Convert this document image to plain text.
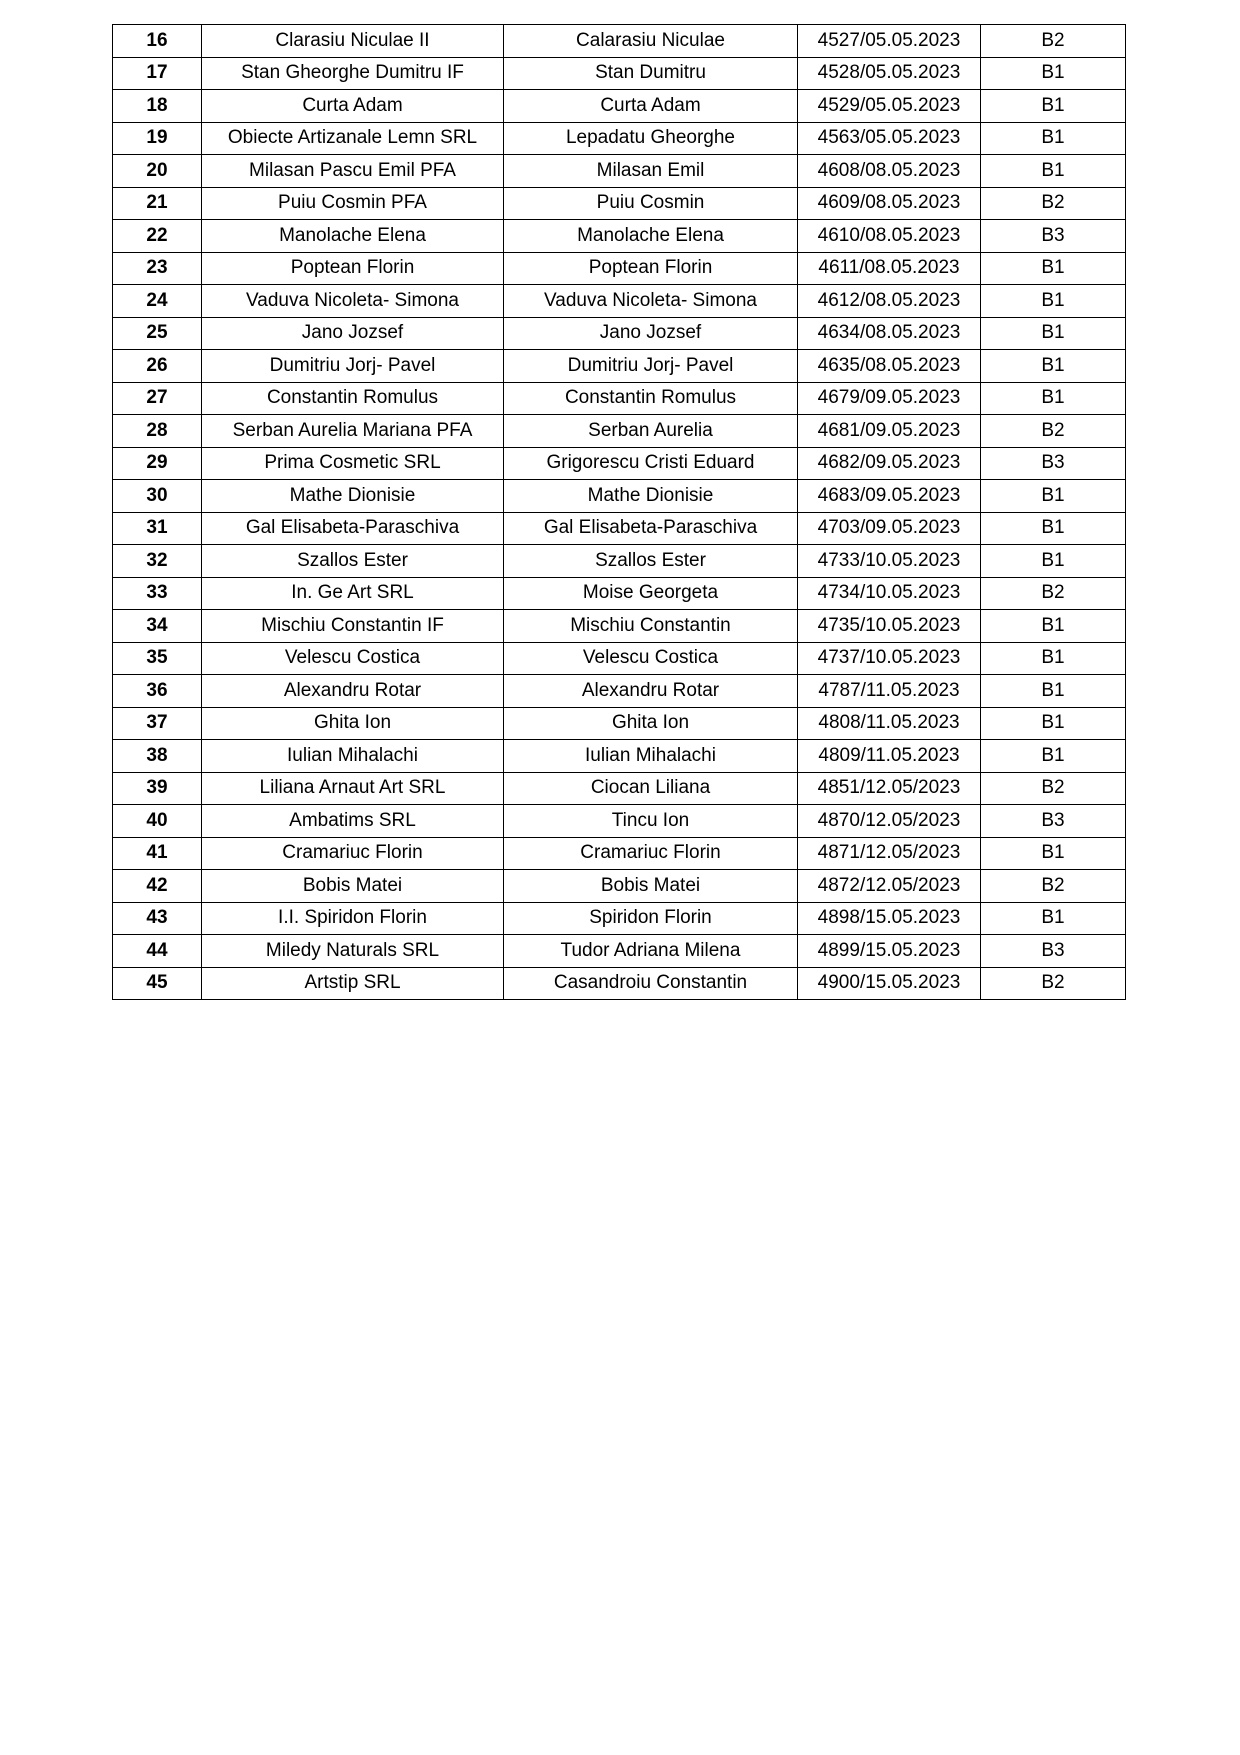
16	Clarasiu Niculae II	Calarasiu Niculae	4527/05.05.2023	B2
17	Stan Gheorghe Dumitru IF	Stan Dumitru	4528/05.05.2023	B1
18	Curta Adam	Curta Adam	4529/05.05.2023	B1
19	Obiecte Artizanale Lemn SRL	Lepadatu Gheorghe	4563/05.05.2023	B1
20	Milasan Pascu Emil PFA	Milasan Emil	4608/08.05.2023	B1
21	Puiu Cosmin PFA	Puiu Cosmin	4609/08.05.2023	B2
22	Manolache Elena	Manolache Elena	4610/08.05.2023	B3
23	Poptean Florin	Poptean Florin	4611/08.05.2023	B1
24	Vaduva Nicoleta- Simona	Vaduva Nicoleta- Simona	4612/08.05.2023	B1
25	Jano Jozsef	Jano Jozsef	4634/08.05.2023	B1
26	Dumitriu Jorj- Pavel	Dumitriu Jorj- Pavel	4635/08.05.2023	B1
27	Constantin Romulus	Constantin Romulus	4679/09.05.2023	B1
28	Serban Aurelia Mariana PFA	Serban Aurelia	4681/09.05.2023	B2
29	Prima Cosmetic SRL	Grigorescu Cristi Eduard	4682/09.05.2023	B3
30	Mathe Dionisie	Mathe Dionisie	4683/09.05.2023	B1
31	Gal Elisabeta-Paraschiva	Gal Elisabeta-Paraschiva	4703/09.05.2023	B1
32	Szallos Ester	Szallos Ester	4733/10.05.2023	B1
33	In. Ge Art SRL	Moise Georgeta	4734/10.05.2023	B2
34	Mischiu Constantin IF	Mischiu Constantin	4735/10.05.2023	B1
35	Velescu Costica	Velescu Costica	4737/10.05.2023	B1
36	Alexandru Rotar	Alexandru Rotar	4787/11.05.2023	B1
37	Ghita Ion	Ghita Ion	4808/11.05.2023	B1
38	Iulian Mihalachi	Iulian Mihalachi	4809/11.05.2023	B1
39	Liliana Arnaut Art SRL	Ciocan Liliana	4851/12.05/2023	B2
40	Ambatims SRL	Tincu Ion	4870/12.05/2023	B3
41	Cramariuc Florin	Cramariuc Florin	4871/12.05/2023	B1
42	Bobis Matei	Bobis Matei	4872/12.05/2023	B2
43	I.I. Spiridon Florin	Spiridon Florin	4898/15.05.2023	B1
44	Miledy Naturals SRL	Tudor Adriana Milena	4899/15.05.2023	B3
45	Artstip SRL	Casandroiu Constantin	4900/15.05.2023	B2
